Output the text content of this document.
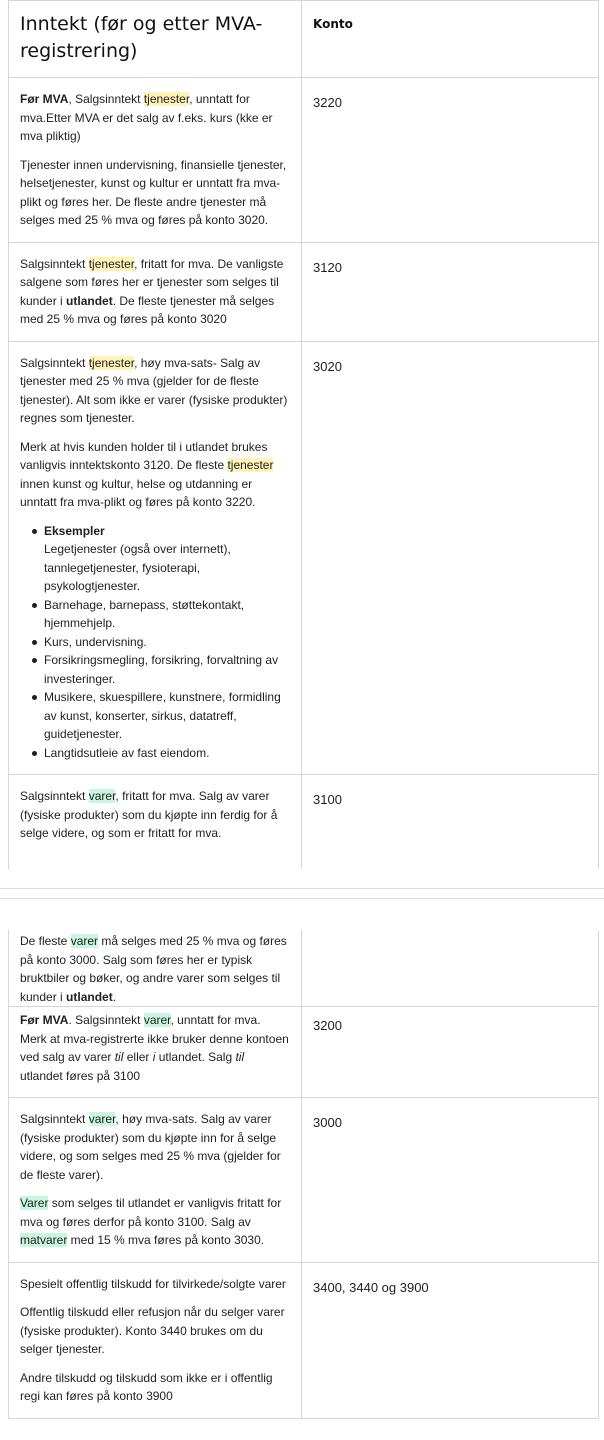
Inntekt (før og etter MVA-registrering)
Konto

Før MVA, Salgsinntekt tjenester, unntatt for mva.Etter MVA er det salg av f.eks. kurs (kke er mva pliktig)

Tjenester innen undervisning, finansielle tjenester, helsetjenester, kunst og kultur er unntatt fra mva-plikt og føres her. De fleste andre tjenester må selges med 25 % mva og føres på konto 3020.

3220

Salgsinntekt tjenester, fritatt for mva. De vanligste salgene som føres her er tjenester som selges til kunder i utlandet. De fleste tjenester må selges med 25 % mva og føres på konto 3020

3120

Salgsinntekt tjenester, høy mva-sats- Salg av tjenester med 25 % mva (gjelder for de fleste tjenester). Alt som ikke er varer (fysiske produkter) regnes som tjenester.

Merk at hvis kunden holder til i utlandet brukes vanligvis inntektskonto 3120. De fleste tjenester innen kunst og kultur, helse og utdanning er unntatt fra mva-plikt og føres på konto 3220.

Eksempler
Legetjenester (også over internett), tannlegetjenester, fysioterapi, psykologtjenester.
Barnehage, barnepass, støttekontakt, hjemmehjelp.
Kurs, undervisning.
Forsikringsmegling, forsikring, forvaltning av investeringer.
Musikere, skuespillere, kunstnere, formidling av kunst, konserter, sirkus, datatreff, guidetjenester.
Langtidsutleie av fast eiendom.
3020

Salgsinntekt varer, fritatt for mva. Salg av varer (fysiske produkter) som du kjøpte inn ferdig for å selge videre, og som er fritatt for mva.

3100

De fleste varer må selges med 25 % mva og føres på konto 3000. Salg som føres her er typisk bruktbiler og bøker, og andre varer som selges til kunder i utlandet.

Før MVA. Salgsinntekt varer, unntatt for mva. Merk at mva-registrerte ikke bruker denne kontoen ved salg av varer til eller i utlandet. Salg til utlandet føres på 3100

3200

Salgsinntekt varer, høy mva-sats. Salg av varer (fysiske produkter) som du kjøpte inn for å selge videre, og som selges med 25 % mva (gjelder for de fleste varer).

Varer som selges til utlandet er vanligvis fritatt for mva og føres derfor på konto 3100. Salg av matvarer med 15 % mva føres på konto 3030.

3000

Spesielt offentlig tilskudd for tilvirkede/solgte varer

Offentlig tilskudd eller refusjon når du selger varer (fysiske produkter). Konto 3440 brukes om du selger tjenester.

Andre tilskudd og tilskudd som ikke er i offentlig regi kan føres på konto 3900

3400, 3440 og 3900
